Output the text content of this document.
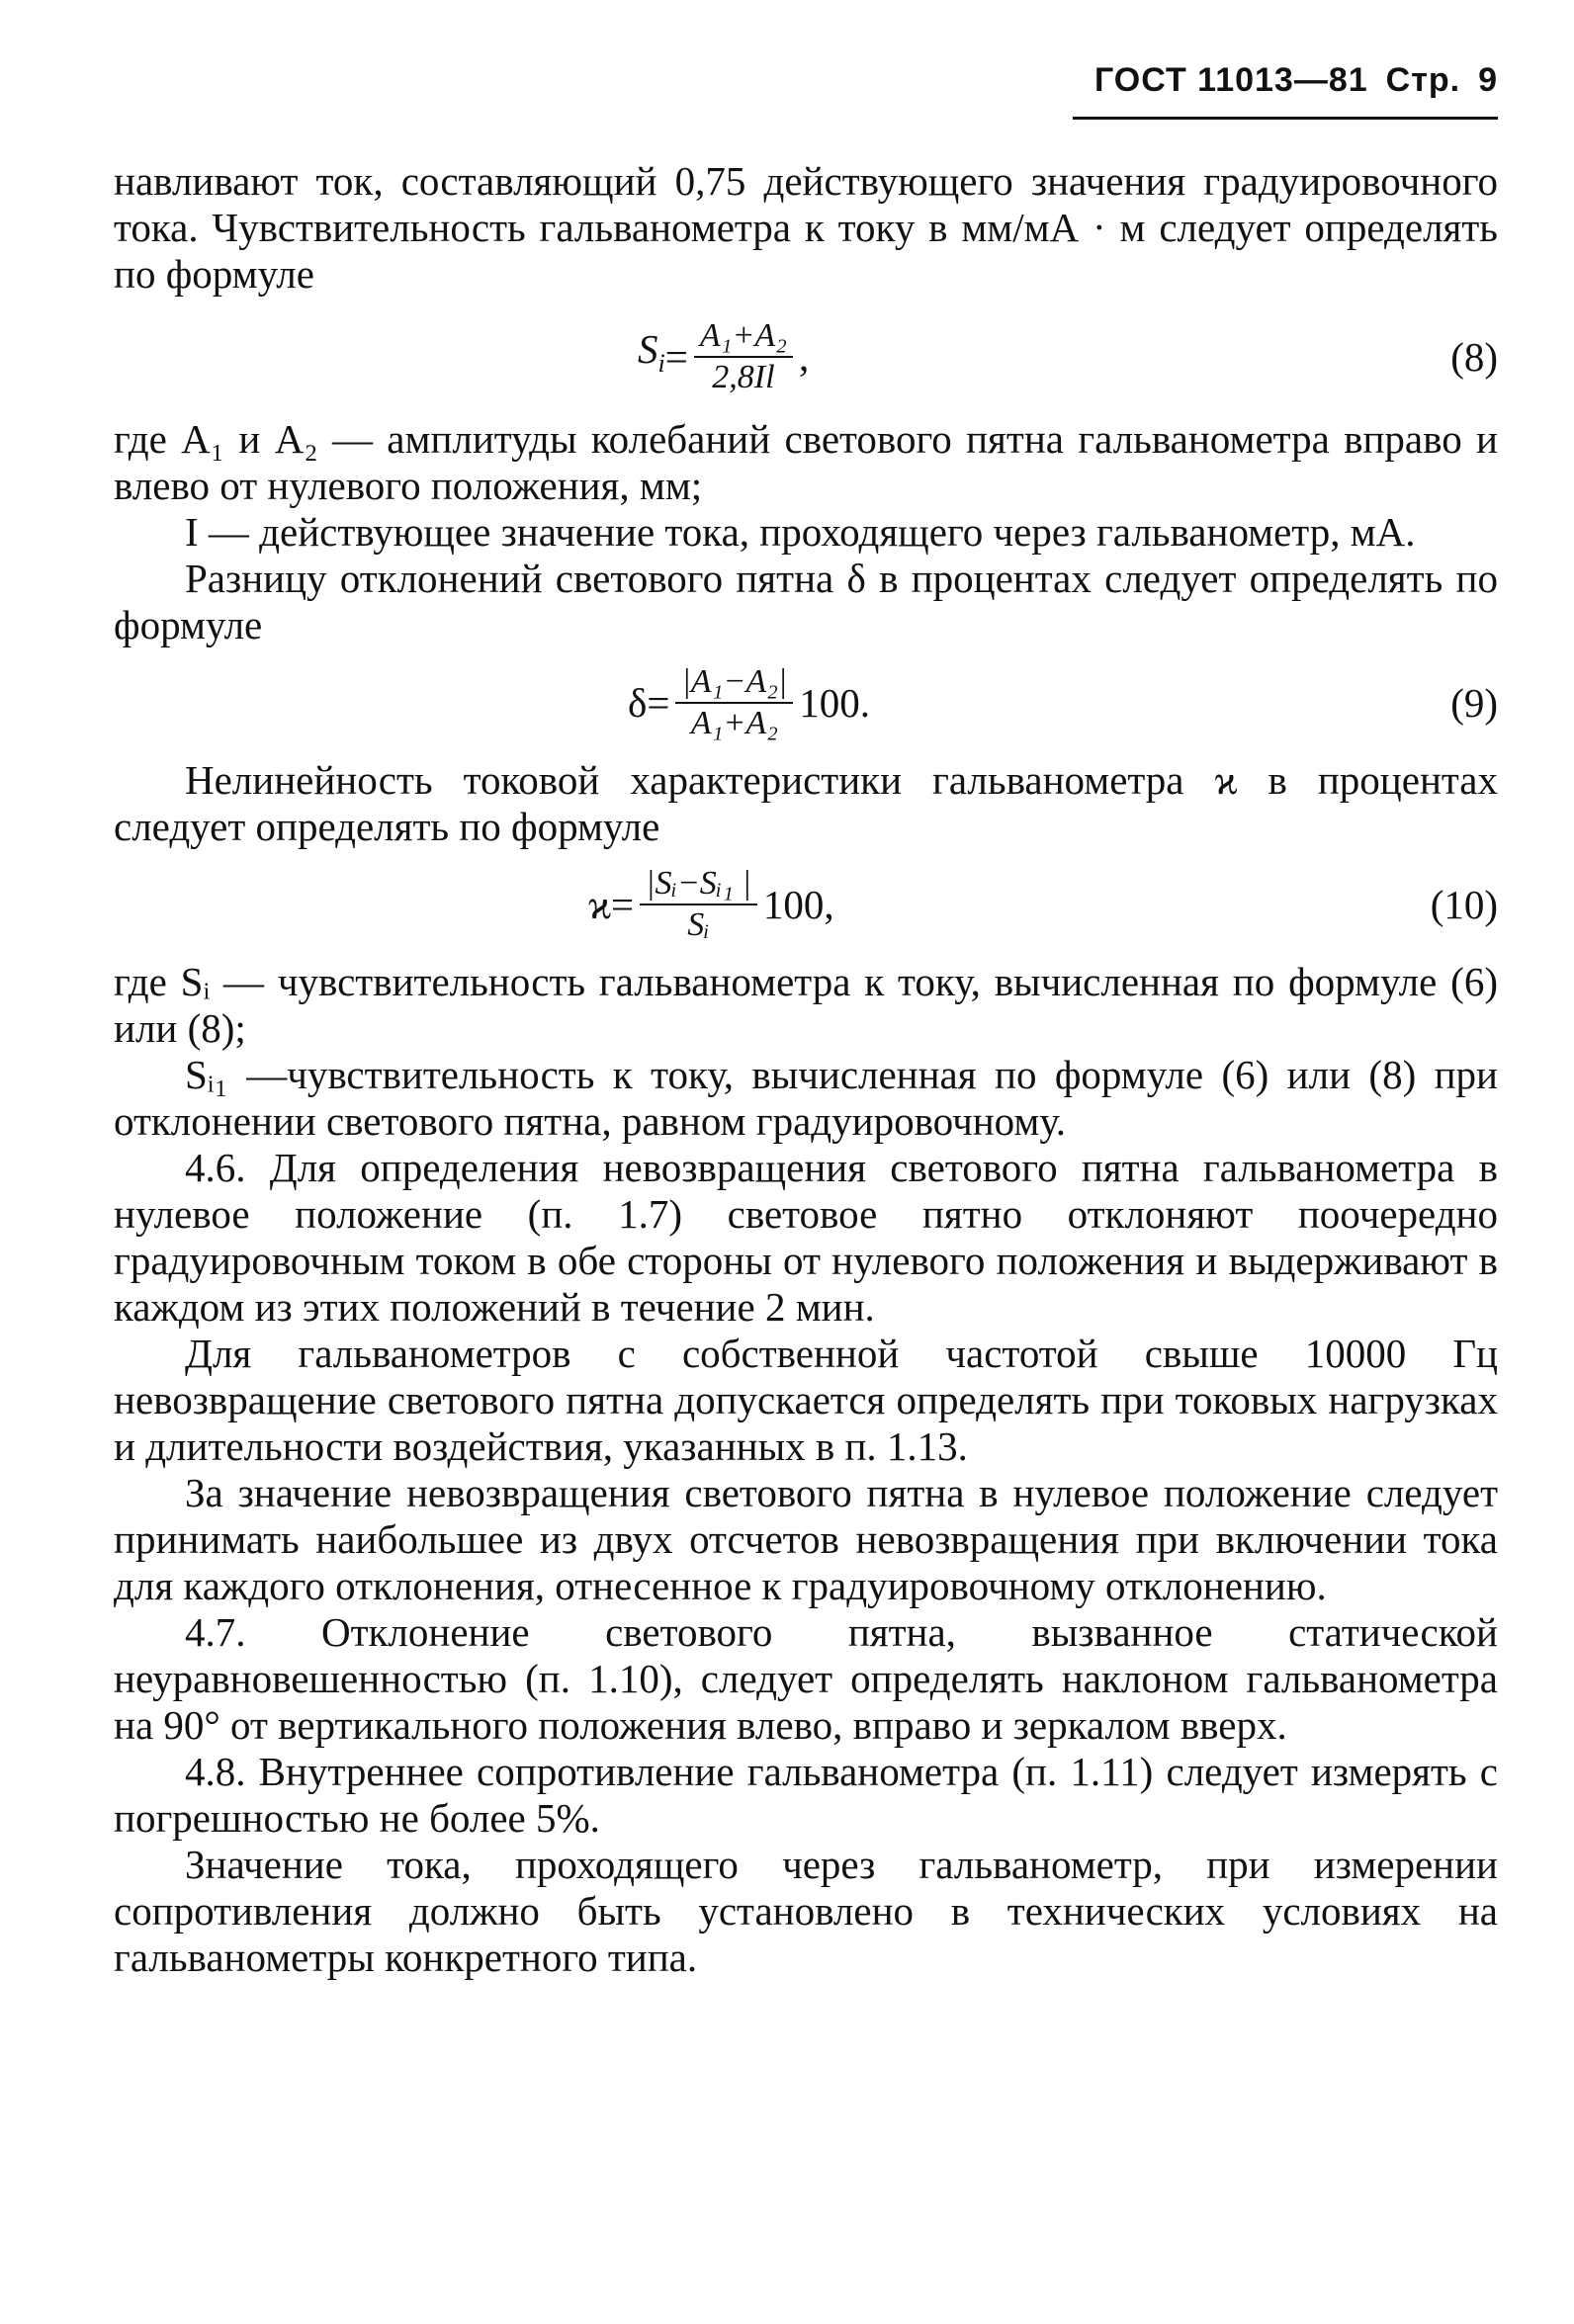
ГОСТ 11013—81 Стр. 9

навливают ток, составляющий 0,75 действующего значения градуировочного тока. Чувствительность гальванометра к току в мм/мА · м следует определять по формуле

$S_i = \frac{\text{A₁+A₂}}{2,8Il}$ ,	(8)

где A₁ и A₂ — амплитуды колебаний светового пятна гальванометра вправо и влево от нулевого положения, мм;

I — действующее значение тока, проходящего через гальванометр, мА.

Разницу отклонений светового пятна δ в процентах следует определять по формуле

$\delta = \frac{\text{|A₁−A₂|}}{\text{A₁+A₂}} 100$.	(9)

Нелинейность токовой характеристики гальванометра ϰ в процентах следует определять по формуле

$ϰ = \frac{\text{|Sᵢ−Sᵢ₁ |}}{\text{Sᵢ}} 100$,	(10)

где Sᵢ — чувствительность гальванометра к току, вычисленная по формуле (6) или (8);

Sᵢ₁ —чувствительность к току, вычисленная по формуле (6) или (8) при отклонении светового пятна, равном градуировочному.

4.6. Для определения невозвращения светового пятна гальванометра в нулевое положение (п. 1.7) световое пятно отклоняют поочередно градуировочным током в обе стороны от нулевого положения и выдерживают в каждом из этих положений в течение 2 мин.

Для гальванометров с собственной частотой свыше 10000 Гц невозвращение светового пятна допускается определять при токовых нагрузках и длительности воздействия, указанных в п. 1.13.

За значение невозвращения светового пятна в нулевое положение следует принимать наибольшее из двух отсчетов невозвращения при включении тока для каждого отклонения, отнесенное к градуировочному отклонению.

4.7. Отклонение светового пятна, вызванное статической неуравновешенностью (п. 1.10), следует определять наклоном гальванометра на 90° от вертикального положения влево, вправо и зеркалом вверх.

4.8. Внутреннее сопротивление гальванометра (п. 1.11) следует измерять с погрешностью не более 5%.

Значение тока, проходящего через гальванометр, при измерении сопротивления должно быть установлено в технических условиях на гальванометры конкретного типа.
